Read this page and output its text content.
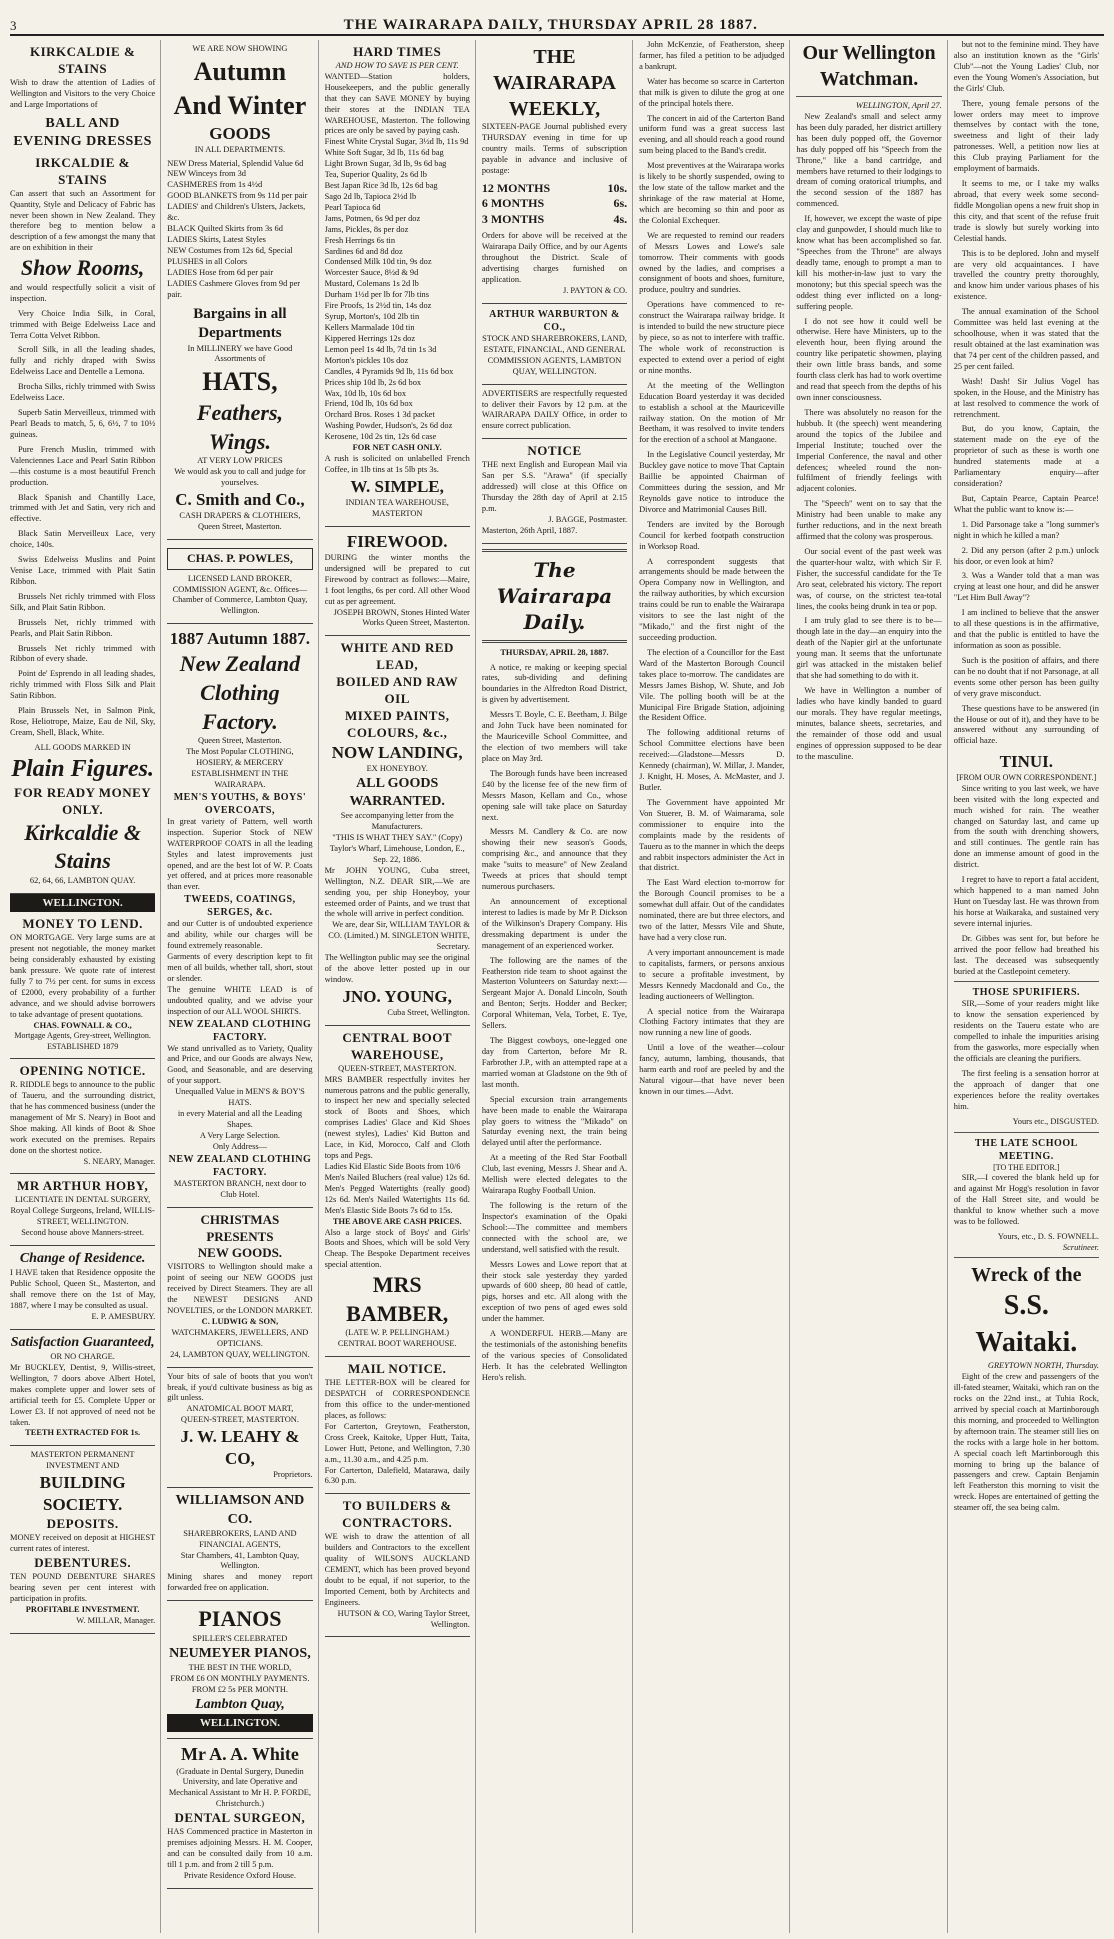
3	THE WAIRARAPA DAILY, THURSDAY APRIL 28 1887.
KIRKCALDIE & STAINS
Wish to draw the attention of Ladies of Wellington and Visitors to the very Choice and Large Importations of
BALL AND EVENING DRESSES
IRKCALDIE & STAINS
Can assert that such an Assortment for Quantity, Style and Delicacy of Fabric has never been shown in New Zealand. They therefore beg to mention below a description of a few amongst the many that are on exhibition in their
Show Rooms,
and would respectfully solicit a visit of inspection.

Very Choice India Silk, in Coral, trimmed with Beige Edelweiss Lace and Terra Cotta Velvet Ribbon.

Scroll Silk, in all the leading shades, fully and richly draped with Swiss Edelweiss Lace and Dentelle a Lemona.

Brocha Silks, richly trimmed with Swiss Edelweiss Lace.

Superb Satin Merveilleux, trimmed with Pearl Beads to match, 5, 6, 6½, 7 to 10½ guineas.

Pure French Muslin, trimmed with Valenciennes Lace and Pearl Satin Ribbon—this costume is a most beautiful French production.

Black Spanish and Chantilly Lace, trimmed with Jet and Satin, very rich and effective.

Black Satin Merveilleux Lace, very choice, 140s.

Swiss Edelweiss Muslins and Point Venise Lace, trimmed with Plait Satin Ribbon.

Brussels Net richly trimmed with Floss Silk, and Plait Satin Ribbon.

Brussels Net, richly trimmed with Pearls, and Plait Satin Ribbon.

Brussels Net richly trimmed with Ribbon of every shade.

Point de' Esprendo in all leading shades, richly trimmed with Floss Silk and Plait Satin Ribbon.

Plain Brussels Net, in Salmon Pink, Rose, Heliotrope, Maize, Eau de Nil, Sky, Cream, Shell, Black, White.

ALL GOODS MARKED IN
Plain Figures.
FOR READY MONEY ONLY.
Kirkcaldie & Stains
62, 64, 66, LAMBTON QUAY.
WELLINGTON.
MONEY TO LEND.
ON MORTGAGE. Very large sums are at present not negotiable, the money market being considerably exhausted by existing bank pressure. We quote rate of interest fully 7 to 7½ per cent. for sums in excess of £2000, every probability of a further advance, and we should advise borrowers to take advantage of present quotations.
CHAS. FOWNALL & CO.,
Mortgage Agents, Grey-street, Wellington. ESTABLISHED 1879
OPENING NOTICE.
R. RIDDLE begs to announce to the public of Taueru, and the surrounding district, that he has commenced business (under the management of Mr S. Neary) in Boot and Shoe making. All kinds of Boot & Shoe work executed on the premises. Repairs done on the shortest notice.
S. NEARY, Manager.
MR ARTHUR HOBY,
LICENTIATE IN DENTAL SURGERY, Royal College Surgeons, Ireland, WILLIS-STREET, WELLINGTON.
Second house above Manners-street.
Change of Residence.
I HAVE taken that Residence opposite the Public School, Queen St., Masterton, and shall remove there on the 1st of May, 1887, where I may be consulted as usual.
E. P. AMESBURY.
Satisfaction Guaranteed,
OR NO CHARGE.
Mr BUCKLEY, Dentist, 9, Willis-street, Wellington, 7 doors above Albert Hotel, makes complete upper and lower sets of artificial teeth for £5. Complete Upper or Lower £3. If not approved of need not be taken.
TEETH EXTRACTED FOR 1s.
MASTERTON PERMANENT INVESTMENT AND
BUILDING SOCIETY.
DEPOSITS.
MONEY received on deposit at HIGHEST current rates of interest.
DEBENTURES.
TEN POUND DEBENTURE SHARES bearing seven per cent interest with participation in profits.
PROFITABLE INVESTMENT.
W. MILLAR, Manager.
WE ARE NOW SHOWING
Autumn
And Winter
GOODS
IN ALL DEPARTMENTS.
NEW Dress Material, Splendid Value 6d
NEW Winceys from 3d
CASHMERES from 1s 4½d
GOOD BLANKETS from 9s 11d per pair
LADIES' and Children's Ulsters, Jackets, &c.
BLACK Quilted Skirts from 3s 6d
LADIES Skirts, Latest Styles
NEW Costumes from 12s 6d, Special
PLUSHES in all Colors
LADIES Hose from 6d per pair
LADIES Cashmere Gloves from 9d per pair.
Bargains in all Departments
In MILLINERY we have Good Assortments of
HATS,
Feathers,
Wings.
AT VERY LOW PRICES
We would ask you to call and judge for yourselves.
C. Smith and Co.,
CASH DRAPERS & CLOTHIERS,
Queen Street, Masterton.
CHAS. P. POWLES,
LICENSED LAND BROKER, COMMISSION AGENT, &c. Offices—Chamber of Commerce, Lambton Quay, Wellington.
1887 Autumn 1887.
New Zealand
Clothing Factory.
Queen Street, Masterton.
The Most Popular CLOTHING, HOSIERY, & MERCERY ESTABLISHMENT IN THE WAIRARAPA.
MEN'S YOUTHS, & BOYS' OVERCOATS,
In great variety of Pattern, well worth inspection. Superior Stock of NEW WATERPROOF COATS in all the leading Styles and latest improvements just opened, and are the best lot of W. P. Coats yet offered, and at prices more reasonable than ever.
TWEEDS, COATINGS, SERGES, &c.
and our Cutter is of undoubted experience and ability, while our charges will be found extremely reasonable.
Garments of every description kept to fit men of all builds, whether tall, short, stout or slender.
The genuine WHITE LEAD is of undoubted quality, and we advise your inspection of our ALL WOOL SHIRTS.
NEW ZEALAND CLOTHING FACTORY.
We stand unrivalled as to Variety, Quality and Price, and our Goods are always New, Good, and Seasonable, and are deserving of your support.
Unequalled Value in MEN'S & BOY'S HATS.
in every Material and all the Leading Shapes.
A Very Large Selection.
Only Address—
NEW ZEALAND CLOTHING FACTORY.
MASTERTON BRANCH, next door to Club Hotel.
CHRISTMAS PRESENTS
NEW GOODS.
VISITORS to Wellington should make a point of seeing our NEW GOODS just received by Direct Steamers. They are all the NEWEST DESIGNS AND NOVELTIES, or the LONDON MARKET.
C. LUDWIG & SON,
WATCHMAKERS, JEWELLERS, AND OPTICIANS.
24, LAMBTON QUAY, WELLINGTON.
Your bits of sale of boots that you won't break, if you'd cultivate business as big as gilt unless.
ANATOMICAL BOOT MART,
QUEEN-STREET, MASTERTON.
J. W. LEAHY & CO,
Proprietors.
WILLIAMSON AND CO.
SHAREBROKERS, LAND AND FINANCIAL AGENTS,
Star Chambers, 41, Lambton Quay, Wellington.
Mining shares and money report forwarded free on application.
PIANOS
SPILLER'S CELEBRATED
NEUMEYER PIANOS,
THE BEST IN THE WORLD,
FROM £6 ON MONTHLY PAYMENTS.
FROM £2 5s PER MONTH.
Lambton Quay,
WELLINGTON.
Mr A. A. White
(Graduate in Dental Surgery, Dunedin University, and late Operative and Mechanical Assistant to Mr H. P. FORDE, Christchurch.)
DENTAL SURGEON,
HAS Commenced practice in Masterton in premises adjoining Messrs. H. M. Cooper, and can be consulted daily from 10 a.m. till 1 p.m. and from 2 till 5 p.m.
Private Residence Oxford House.
HARD TIMES
AND HOW TO SAVE IS PER CENT.
WANTED—Station holders, Housekeepers, and the public generally that they can SAVE MONEY by buying their stores at the INDIAN TEA WAREHOUSE, Masterton. The following prices are only be saved by paying cash.
Finest White Crystal Sugar, 3½d lb, 11s 9d
White Soft Sugar, 3d lb, 11s 6d bag
Light Brown Sugar, 3d lb, 9s 6d bag
Tea, Superior Quality, 2s 6d lb
Best Japan Rice 3d lb, 12s 6d bag
Sago 2d lb, Tapioca 2½d lb
Pearl Tapioca 6d
Jams, Potmen, 6s 9d per doz
Jams, Pickles, 8s per doz
Fresh Herrings 6s tin
Sardines 6d and 8d doz
Condensed Milk 10d tin, 9s doz
Worcester Sauce, 8½d & 9d
Mustard, Colemans 1s 2d lb
Durham 1½d per lb for 7lb tins
Fire Proofs, 1s 2½d tin, 14s doz
Syrup, Morton's, 10d 2lb tin
Kellers Marmalade 10d tin
Kippered Herrings 12s doz
Lemon peel 1s 4d lb, 7d tin 1s 3d
Morton's pickles 10s doz
Candles, 4 Pyramids 9d lb, 11s 6d box
Prices ship 10d lb, 2s 6d box
Wax, 10d lb, 10s 6d box
Friend, 10d lb, 10s 6d box
Orchard Bros. Roses 1 3d packet
Washing Powder, Hudson's, 2s 6d doz
Kerosene, 10d 2s tin, 12s 6d case
FOR NET CASH ONLY.
A rush is solicited on unlabelled French Coffee, in 1lb tins at 1s 5lb pts 3s.
W. SIMPLE,
INDIAN TEA WAREHOUSE,
MASTERTON
FIREWOOD.
DURING the winter months the undersigned will be prepared to cut Firewood by contract as follows:—Maire, 1 foot lengths, 6s per cord. All other Wood cut as per agreement.
JOSEPH BROWN, Stones Hinted Water Works Queen Street, Masterton.
WHITE AND RED LEAD,
BOILED AND RAW OIL
MIXED PAINTS, COLOURS, &c.,
NOW LANDING,
EX HONEYBOY.
ALL GOODS WARRANTED.
See accompanying letter from the Manufacturers.
"THIS IS WHAT THEY SAY." (Copy) Taylor's Wharf, Limehouse, London, E., Sep. 22, 1886.
Mr JOHN YOUNG, Cuba street, Wellington, N.Z. DEAR SIR,—We are sending you, per ship Honeyboy, your esteemed order of Paints, and we trust that the whole will arrive in perfect condition.
We are, dear Sir, WILLIAM TAYLOR & CO. (Limited.) M. SINGLETON WHITE, Secretary.
The Wellington public may see the original of the above letter posted up in our window.
JNO. YOUNG,
Cuba Street, Wellington.
CENTRAL BOOT WAREHOUSE,
QUEEN-STREET, MASTERTON.
MRS BAMBER respectfully invites her numerous patrons and the public generally, to inspect her new and specially selected stock of Boots and Shoes, which comprises Ladies' Glace and Kid Shoes (newest styles), Ladies' Kid Button and Lace, in Kid, Morocco, Calf and Cloth tops and Pegs.
Ladies Kid Elastic Side Boots from 10/6
Men's Nailed Bluchers (real value) 12s 6d. Men's Pegged Watertights (really good) 12s 6d. Men's Nailed Watertights 11s 6d. Men's Elastic Side Boots 7s 6d to 15s.
THE ABOVE ARE CASH PRICES.
Also a large stock of Boys' and Girls' Boots and Shoes, which will be sold Very Cheap. The Bespoke Department receives special attention.
MRS BAMBER,
(LATE W. P. PELLINGHAM.)
CENTRAL BOOT WAREHOUSE.
MAIL NOTICE.
THE LETTER-BOX will be cleared for DESPATCH of CORRESPONDENCE from this office to the under-mentioned places, as follows:
For Carterton, Greytown, Featherston, Cross Creek, Kaitoke, Upper Hutt, Taita, Lower Hutt, Petone, and Wellington, 7.30 a.m., 11.30 a.m., and 4.25 p.m.
For Carterton, Dalefield, Matarawa, daily 6.30 p.m.
TO BUILDERS & CONTRACTORS.
WE wish to draw the attention of all builders and Contractors to the excellent quality of WILSON'S AUCKLAND CEMENT, which has been proved beyond doubt to be equal, if not superior, to the Imported Cement, both by Architects and Engineers.
HUTSON & CO, Waring Taylor Street, Wellington.
THE WAIRARAPA WEEKLY,
SIXTEEN-PAGE Journal published every THURSDAY evening in time for up country mails. Terms of subscription payable in advance and inclusive of postage:
12 MONTHS	10s.
6 MONTHS	6s.
3 MONTHS	4s.
Orders for above will be received at the Wairarapa Daily Office, and by our Agents throughout the District. Scale of advertising charges furnished on application.
J. PAYTON & CO.
ARTHUR WARBURTON & CO.,
STOCK AND SHAREBROKERS, LAND, ESTATE, FINANCIAL, AND GENERAL COMMISSION AGENTS, LAMBTON QUAY, WELLINGTON.
ADVERTISERS are respectfully requested to deliver their Favors by 12 p.m. at the WAIRARAPA DAILY Office, in order to ensure correct publication.
NOTICE
THE next English and European Mail via San per S.S. "Arawa" (if specially addressed) will close at this Office on Thursday the 28th day of April at 2.15 p.m.
J. BAGGE, Postmaster.
Masterton, 26th April, 1887.
The Wairarapa Daily.
THURSDAY, APRIL 28, 1887.

A notice, re making or keeping special rates, sub-dividing and defining boundaries in the Alfredton Road District, is given by advertisement.

Messrs T. Boyle, C. E. Beetham, J. Bilge and John Tuck have been nominated for the Mauriceville School Committee, and the election of two members will take place on May 3rd.

The Borough funds have been increased £40 by the license fee of the new firm of Messrs Mason, Kellam and Co., whose opening sale will take place on Saturday next.

Messrs M. Candlery & Co. are now showing their new season's Goods, comprising &c., and announce that they make "suits to measure" of New Zealand Tweeds at prices that should tempt numerous purchasers.

An announcement of exceptional interest to ladies is made by Mr P. Dickson of the Wilkinson's Drapery Company. His dressmaking department is under the management of an experienced worker.

The following are the names of the Featherston ride team to shoot against the Masterton Volunteers on Saturday next:—Sergeant Major A. Donald Lincoln, South and Benton; Serjts. Hodder and Becker; Corporal Whiteman, Vela, Torbet, E. Tye, Sellers.

The Biggest cowboys, one-legged one day from Carterton, before Mr R. Farbrother J.P., with an attempted rape at a married woman at Gladstone on the 9th of last month.

Special excursion train arrangements have been made to enable the Wairarapa play goers to witness the "Mikado" on Saturday evening next, the train being delayed until after the performance.

At a meeting of the Red Star Football Club, last evening, Messrs J. Shear and A. Mellish were elected delegates to the Wairarapa Rugby Football Union.

The following is the return of the Inspector's examination of the Opaki School:—The committee and members connected with the school are, we understand, well satisfied with the result.

Messrs Lowes and Lowe report that at their stock sale yesterday they yarded upwards of 600 sheep, 80 head of cattle, pigs, horses and etc. All along with the exception of two pens of aged ewes sold under the hammer.

A WONDERFUL HERB.—Many are the testimonials of the astonishing benefits of the various species of Consolidated Herb. It has the celebrated Wellington Hero's relish.

John McKenzie, of Featherston, sheep farmer, has filed a petition to be adjudged a bankrupt.

Water has become so scarce in Carterton that milk is given to dilute the grog at one of the principal hotels there.

The concert in aid of the Carterton Band uniform fund was a great success last evening, and all should reach a good round sum being placed to the Band's credit.

Most preventives at the Wairarapa works is likely to be shortly suspended, owing to the low state of the tallow market and the shrinkage of the raw material at Home, which are becoming so thin and poor as the Colonial Exchequer.

We are requested to remind our readers of Messrs Lowes and Lowe's sale tomorrow. Their comments with goods owned by the ladies, and comprises a consignment of boots and shoes, furniture, produce, poultry and sundries.

Operations have commenced to re-construct the Wairarapa railway bridge. It is intended to build the new structure piece by piece, so as not to interfere with traffic. The whole work of reconstruction is expected to extend over a period of eight or nine months.

At the meeting of the Wellington Education Board yesterday it was decided to establish a school at the Mauriceville railway station. On the motion of Mr Beetham, it was resolved to invite tenders for the erection of a school at Mangaone.

In the Legislative Council yesterday, Mr Buckley gave notice to move That Captain Baillie be appointed Chairman of Committees during the session, and Mr Reynolds gave notice to introduce the Divorce and Matrimonial Causes Bill.

Tenders are invited by the Borough Council for kerbed footpath construction in Worksop Road.

A correspondent suggests that arrangements should be made between the Opera Company now in Wellington, and the railway authorities, by which excursion trains could be run to enable the Wairarapa visitors to see the last night of the "Mikado," and the first night of the succeeding production.

The election of a Councillor for the East Ward of the Masterton Borough Council takes place to-morrow. The candidates are Messrs James Bishop, W. Shute, and Job Vile. The polling booth will be at the Municipal Fire Brigade Station, adjoining the Resident Office.

The following additional returns of School Committee elections have been received:—Gladstone—Messrs D. Kennedy (chairman), W. Millar, J. Mander, J. Knight, H. Moses, A. McMaster, and J. Butler.

The Government have appointed Mr Von Stuerer, B. M. of Waimarama, sole commissioner to enquire into the complaints made by the residents of Taueru as to the manner in which the deeps and rabbit inspectors administer the Act in that district.

The East Ward election to-morrow for the Borough Council promises to be a somewhat dull affair. Out of the candidates nominated, there are but three electors, and two of the latter, Messrs Vile and Shute, have had a very close run.

A very important announcement is made to capitalists, farmers, or persons anxious to secure a profitable investment, by Messrs Kennedy Macdonald and Co., the leading auctioneers of Wellington.

A special notice from the Wairarapa Clothing Factory intimates that they are now running a new line of goods.

Until a love of the weather—colour fancy, autumn, lambing, thousands, that harm earth and roof are peeled by and the Natural vigour—that have never been known in our times.—Advt.

Our Wellington Watchman.
WELLINGTON, April 27.

New Zealand's small and select army has been duly paraded, her district artillery has been duly popped off, the Governor has duly popped off his "Speech from the Throne," like a band cartridge, and members have returned to their lodgings to dream of coming oratorical triumphs, and the second session of the 1887 has commenced.

If, however, we except the waste of pipe clay and gunpowder, I should much like to know what has been accomplished so far. "Speeches from the Throne" are always deadly tame, enough to prompt a man to kill his mother-in-law just to vary the monotony; but this special speech was the oddest thing ever inflicted on a long-suffering people.

I do not see how it could well be otherwise. Here have Ministers, up to the eleventh hour, been flying around the country like peripatetic showmen, playing their own little brass bands, and some fourth class clerk has had to work overtime and read that speech from the depths of his own inner consciousness.

There was absolutely no reason for the hubbub. It (the speech) went meandering around the topics of the Jubilee and Imperial Institute; touched over the Imperial Conference, the naval and other defences; wheeled round the non-fulfilment of friendly feelings with adjacent colonies.

The "Speech" went on to say that the Ministry had been unable to make any further reductions, and in the next breath affirmed that the colony was prosperous.

Our social event of the past week was the quarter-hour waltz, with which Sir F. Fisher, the successful candidate for the Te Aro seat, celebrated his victory. The report was, of course, on the strictest tea-total lines, the cooks being drunk in tea or pop.

I am truly glad to see there is to be—though late in the day—an enquiry into the death of the Napier girl at the unfortunate young man. It seems that the unfortunate girl was attacked in the mistaken belief that she had something to do with it.

We have in Wellington a number of ladies who have kindly banded to guard our morals. They have regular meetings, minutes, balance sheets, secretaries, and the remainder of those odd and usual engines of oppression supposed to be dear to the masculine.

but not to the feminine mind. They have also an institution known as the "Girls' Club"—not the Young Ladies' Club, nor even the Young Women's Association, but the Girls' Club.

There, young female persons of the lower orders may meet to improve themselves by contact with the tone, sweetness and light of their lady patronesses. Well, a petition now lies at this Club praying Parliament for the employment of barmaids.

It seems to me, or I take my walks abroad, that every week some second-fiddle Mongolian opens a new fruit shop in this city, and that scent of the refuse fruit trade is slowly but surely working into Celestial hands.

This is to be deplored. John and myself are very old acquaintances. I have travelled the country pretty thoroughly, and know him under various phases of his existence.

The annual examination of the School Committee was held last evening at the schoolhouse, when it was stated that the result obtained at the last examination was that 74 per cent of the children passed, and 25 per cent failed.

Wash! Dash! Sir Julius Vogel has spoken, in the House, and the Ministry has at last resolved to commence the work of retrenchment.

But, do you know, Captain, the statement made on the eye of the proprietor of such as these is worth one hundred statements made at a Parliamentary enquiry—after consideration?

But, Captain Pearce, Captain Pearce! What the public want to know is:—

1. Did Parsonage take a "long summer's night in which he killed a man?

2. Did any person (after 2 p.m.) unlock his door, or even look at him?

3. Was a Wander told that a man was crying at least one hour, and did he answer "Let Him Bull Away"?

I am inclined to believe that the answer to all these questions is in the affirmative, and that the public is entitled to have the information as soon as possible.

Such is the position of affairs, and there can be no doubt that if not Parsonage, at all events some other person has been guilty of very grave misconduct.

These questions have to be answered (in the House or out of it), and they have to be answered without any surrounding of official haze.

TINUI.
[FROM OUR OWN CORRESPONDENT.]

Since writing to you last week, we have been visited with the long expected and much wished for rain. The weather changed on Saturday last, and came up from the south with drenching showers, and still continues. The gentle rain has done an immense amount of good in the district.

I regret to have to report a fatal accident, which happened to a man named John Hunt on Tuesday last. He was thrown from his horse at Waikaraka, and sustained very severe internal injuries.

Dr. Gibbes was sent for, but before he arrived the poor fellow had breathed his last. The deceased was subsequently buried at the Castlepoint cemetery.

THOSE SPURIFIERS.

SIR,—Some of your readers might like to know the sensation experienced by residents on the Taueru estate who are compelled to inhale the impurities arising from the gasworks, more especially when the officials are cleaning the purifiers.

The first feeling is a sensation horror at the approach of danger that one experiences before the reality overtakes him.

Yours etc., DISGUSTED.
THE LATE SCHOOL MEETING.
[TO THE EDITOR.]

SIR,—I covered the blank held up for and against Mr Hogg's resolution in favor of the Hall Street site, and would be thankful to know whether such a move was to be followed.

Yours, etc., D. S. FOWNELL.
Scrutineer.
Wreck of the
S.S. Waitaki.
GREYTOWN NORTH, Thursday.

Eight of the crew and passengers of the ill-fated steamer, Waitaki, which ran on the rocks on the 22nd inst., at Tuhia Rock, arrived by special coach at Martinborough this morning, and proceeded to Wellington by afternoon train. The steamer still lies on the rocks with a large hole in her bottom. A special coach left Martinborough this morning to bring up the balance of passengers and crew. Captain Benjamin left Featherston this morning to visit the wreck. Hopes are entertained of getting the steamer off, the sea being calm.
